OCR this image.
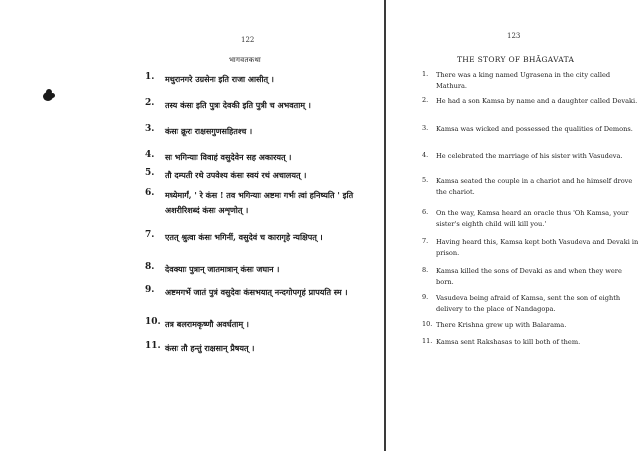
122
भागवतकथा
1. मथुरानगरे उग्रसेनः इति राजा आसीत् ।
2. तस्य कंसः इति पुत्रः देवकी इति पुत्री च अभवताम् ।
3. कंसः क्रूरः राक्षसगुणसहितश्च ।
4. सः भगिन्याः विवाहं वसुदेवेन सह अकारयत् ।
5. तौ दम्पती रथे उपवेश्य कंसः स्वयं रथं अचालयत् ।
6. मध्येमार्गं, ' रे कंस ! तव भगिन्याः अष्टमः गर्भः त्वां हनिष्यति ' इति अशरीरिशब्दं कंसः अशृणोत् ।
7. एतत् श्रुत्वा कंसः भगिनीं, वसुदेवं च कारागृहे न्यक्षिपत् ।
8. देवक्याः पुत्रान् जातमात्रान् कंसः जघान ।
9. अष्टमगर्भे जातं पुत्रं वसुदेवः कंसभयात् नन्दगोपगृहं प्रापयति स्म ।
10. तत्र बलरामकृष्णौ अवर्धताम् ।
11. कंसः तौ हन्तुं राक्षसान् प्रैषयत् ।
123
THE STORY OF BHĀGAVATA
1. There was a king named Ugrasena in the city called Mathura.
2. He had a son Kamsa by name and a daughter called Devaki.
3. Kamsa was wicked and possessed the qualities of Demons.
4. He celebrated the marriage of his sister with Vasudeva.
5. Kamsa seated the couple in a chariot and he himself drove the chariot.
6. On the way, Kamsa heard an oracle thus 'Oh Kamsa, your sister's eighth child will kill you.'
7. Having heard this, Kamsa kept both Vasudeva and Devaki in prison.
8. Kamsa killed the sons of Devaki as and when they were born.
9. Vasudeva being afraid of Kamsa, sent the son of eighth delivery to the place of Nandagopa.
10. There Krishna grew up with Balarama.
11. Kamsa sent Rakshasas to kill both of them.
